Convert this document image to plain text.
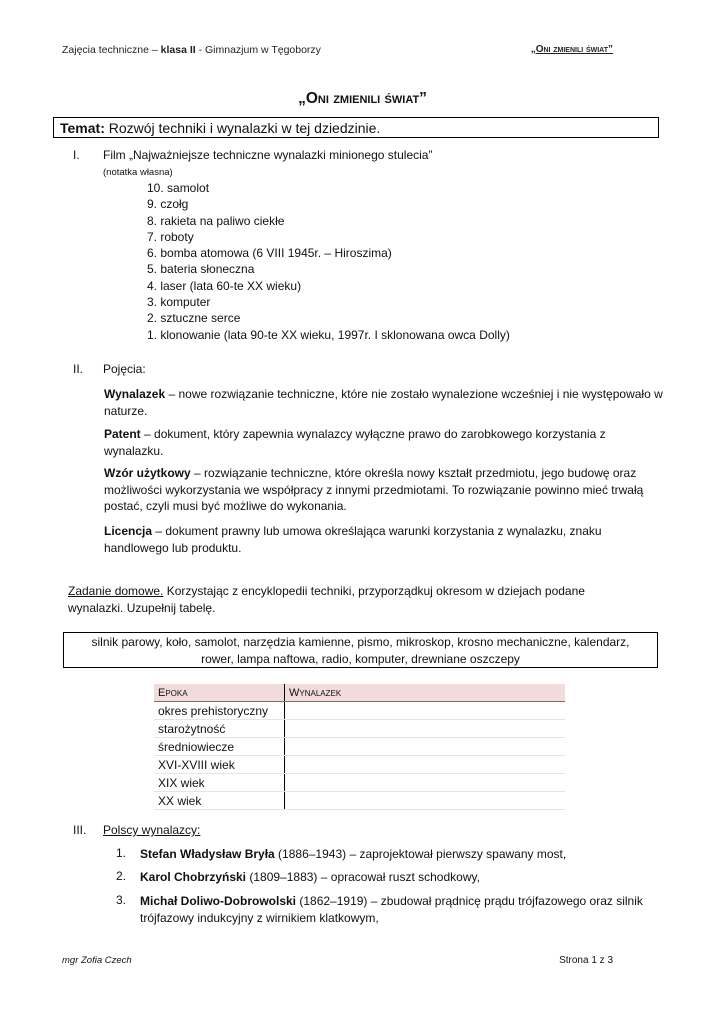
Zajęcia techniczne – klasa II - Gimnazjum w Tęgoborzy	„Oni zmienili świat”
„Oni zmienili świat”
Temat: Rozwój techniki i wynalazki w tej dziedzinie.
I. Film „Najważniejsze techniczne wynalazki minionego stulecia”
(notatka własna)
10. samolot
9. czołg
8. rakieta na paliwo ciekłe
7. roboty
6. bomba atomowa (6 VIII 1945r. – Hiroszima)
5. bateria słoneczna
4. laser (lata 60-te XX wieku)
3. komputer
2. sztuczne serce
1. klonowanie (lata 90-te XX wieku, 1997r. I sklonowana owca Dolly)
II. Pojęcia:
Wynalazek – nowe rozwiązanie techniczne, które nie zostało wynalezione wcześniej i nie występowało w naturze.
Patent – dokument, który zapewnia wynalazcy wyłączne prawo do zarobkowego korzystania z wynalazku.
Wzór użytkowy – rozwiązanie techniczne, które określa nowy kształt przedmiotu, jego budowę oraz możliwości wykorzystania we współpracy z innymi przedmiotami. To rozwiązanie powinno mieć trwałą postać, czyli musi być możliwe do wykonania.
Licencja – dokument prawny lub umowa określająca warunki korzystania z wynalazku, znaku handlowego lub produktu.
Zadanie domowe. Korzystając z encyklopedii techniki, przyporządkuj okresom w dziejach podane wynalazki. Uzupełnij tabelę.
silnik parowy, koło, samolot, narzędzia kamienne, pismo, mikroskop, krosno mechaniczne, kalendarz,
rower, lampa naftowa, radio, komputer, drewniane oszczepy
Epoka	Wynalazek
okres prehistoryczny	
starożytność	
średniowiecze	
XVI-XVIII wiek	
XIX wiek	
XX wiek	
III. Polscy wynalazcy:
1. Stefan Władysław Bryła (1886–1943) – zaprojektował pierwszy spawany most,
2. Karol Chobrzyński (1809–1883) – opracował ruszt schodkowy,
3. Michał Doliwo-Dobrowolski (1862–1919) – zbudował prądnicę prądu trójfazowego oraz silnik trójfazowy indukcyjny z wirnikiem klatkowym,
mgr Zofia Czech	Strona 1 z 3
